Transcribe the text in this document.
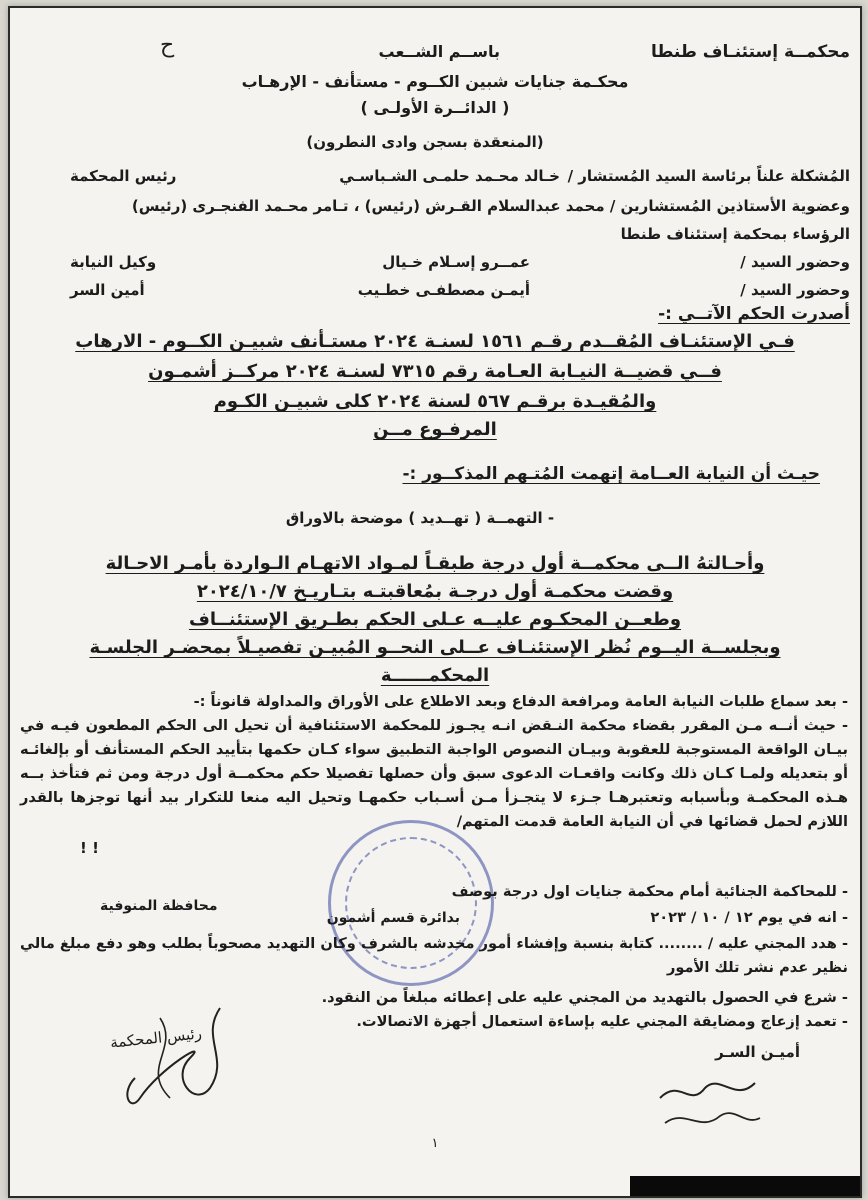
محكمــة إستئنـاف طنطا
باســم الشــعب
ح
محكـمة جنايات شبين الكــوم - مستأنف - الإرهـاب
( الدائــرة الأولـى )
(المنعقدة بسجن وادى النطرون)
المُشكلة علناً برئاسة السيد المُستشار /
خـالد محـمد حلمـى الشـباسـي
رئيس المحكمة
وعضوية الأستاذين المُستشارين / محمد عبدالسلام القـرش (رئيس) ، تـامر محـمد الفنجـرى (رئيس)
الرؤساء بمحكمة إستئناف طنطا
وحضور السيد /
عمــرو إسـلام خـيال
وكيل النيابة
وحضور السيد /
أيمـن مصطفـى خطـيب
أمين السر
أصدرت الحكم الآتــي :-
فـي الإستئنـاف المُقــدم رقـم ١٥٦١ لسنـة ٢٠٢٤ مستـأنف شبيـن الكــوم - الارهاب
فــي قضيــة النيـابة العـامة رقم ٧٣١٥ لسنـة ٢٠٢٤ مركــز أشمـون
والمُقيـدة برقـم ٥٦٧ لسنة ٢٠٢٤ كلى شبيـن الكـوم
المرفـوع مــن
حيـث أن النيابة العــامة إتهمت المُتـهم المذكــور :-
- التهمــة ( تهــديد ) موضحة بالاوراق
وأحـالتهُ الــى محكمــة أول درجة طبقـاً لمـواد الاتهـام الـواردة بأمـر الاحـالة
وقضت محكمـة أول درجـة بمُعاقبتـه بتـاريـخ ٢٠٢٤/١٠/٧
وطعــن المحكـوم عليــه عـلى الحكم بطـريق الإستئنــاف
وبجلســة اليــوم نُظر الإستئنـاف عــلى النحــو المُبيـن تفصيـلاً بمحضـر الجلسـة
المحكمــــــة
- بعد سماع طلبات النيابة العامة ومرافعة الدفاع وبعد الاطلاع على الأوراق والمداولة قانوناً :-
- حيث أنــه مـن المقرر بقضاء محكمة النـقض انـه يجـوز للمحكمة الاستئنافية أن تحيل الى الحكم المطعون فيـه في بيـان الواقعة المستوجبة للعقوبة وبيـان النصوص الواجبة التطبيق سواء كـان حكمها بتأييد الحكم المستأنف أو بإلغائـه أو بتعديله ولمـا كـان ذلك وكانت واقعـات الدعوى سبق وأن حصلها تفصيلا حكم محكمــة أول درجة ومن ثم فتأخذ بــه هـذه المحكمـة وبأسبابه وتعتبرهـا جـزء لا يتجـزأ مـن أسـباب حكمهـا وتحيل اليه منعا للتكرار بيد أنها توجزها بالقدر اللازم لحمل قضائها في أن النيابة العامة قدمت المتهم/
! !
- للمحاكمة الجنائية أمام محكمة جنايات اول درجة بوصف
- انه في يوم ١٢ / ١٠ / ٢٠٢٣
بدائرة قسم أشمون
محافظة المنوفية
- هدد المجني عليه / ........ كتابة بنسبة وإفشاء أمور مخدشه بالشرف وكان التهديد مصحوباً بطلب وهو دفع مبلغ مالي نظير عدم نشر تلك الأمور
- شرع في الحصول بالتهديد من المجني عليه على إعطائه مبلغاً من النقود.
- تعمد إزعاج ومضايقة المجني عليه بإساءة استعمال أجهزة الاتصالات.
أميـن السـر
رئيس المحكمة
١
